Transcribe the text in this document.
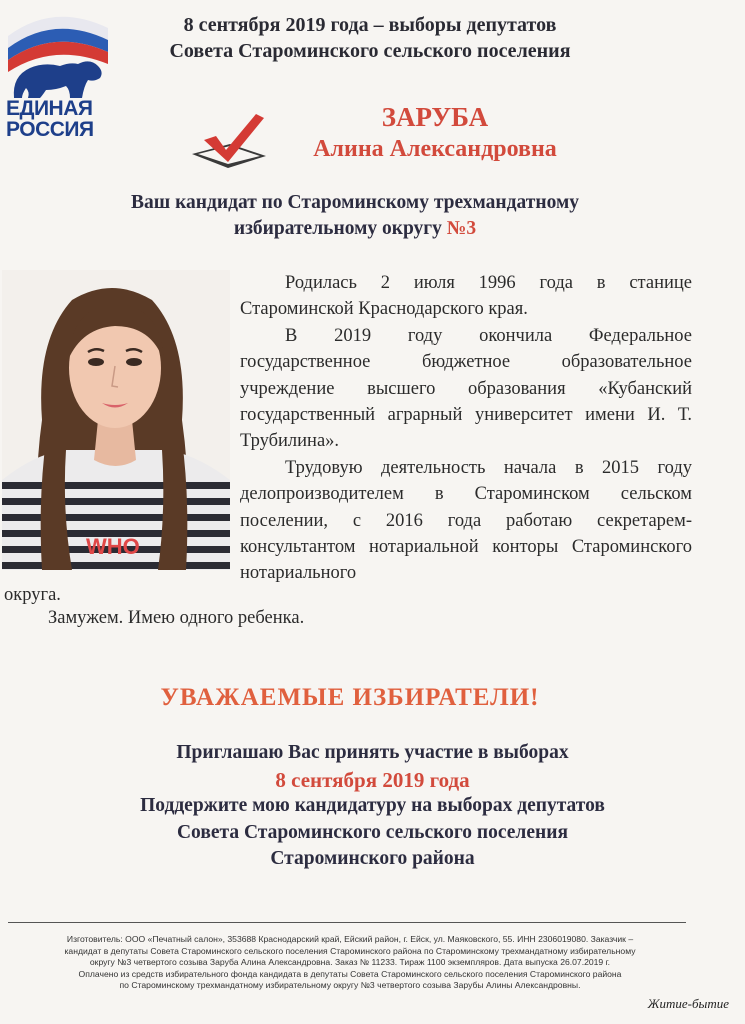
ЕДИНАЯ
РОССИЯ
8 сентября 2019 года – выборы депутатов
Совета Староминского сельского поселения
ЗАРУБА
Алина Александровна
Ваш кандидат по Староминскому трехмандатному
избирательному округу №3
WHO

Родилась 2 июля 1996 года в станице Староминской Краснодарского края.

В 2019 году окончила Федеральное государственное бюджетное образовательное учреждение высшего образования «Кубанский государственный аграрный университет имени И. Т. Трубилина».

Трудовую деятельность начала в 2015 году делопроизводителем в Староминском сельском поселении, с 2016 года работаю секретарем-консультантом нотариальной конторы Староминского нотариального

округа.
Замужем. Имею одного ребенка.
УВАЖАЕМЫЕ ИЗБИРАТЕЛИ!
Приглашаю Вас принять участие в выборах
8 сентября 2019 года
Поддержите мою кандидатуру на выборах депутатов
Совета Староминского сельского поселения
Староминского района
Изготовитель: ООО «Печатный салон», 353688 Краснодарский край, Ейский район, г. Ейск, ул. Маяковского, 55. ИНН 2306019080. Заказчик –
кандидат в депутаты Совета Староминского сельского поселения Староминского района по Староминскому трехмандатному избирательному
округу №3 четвертого созыва Заруба Алина Александровна. Заказ № 11233. Тираж 1100 экземпляров. Дата выпуска 26.07.2019 г.
Оплачено из средств избирательного фонда кандидата в депутаты Совета Староминского сельского поселения Староминского района
по Староминскому трехмандатному избирательному округу №3 четвертого созыва Зарубы Алины Александровны.
Житие-бытие
